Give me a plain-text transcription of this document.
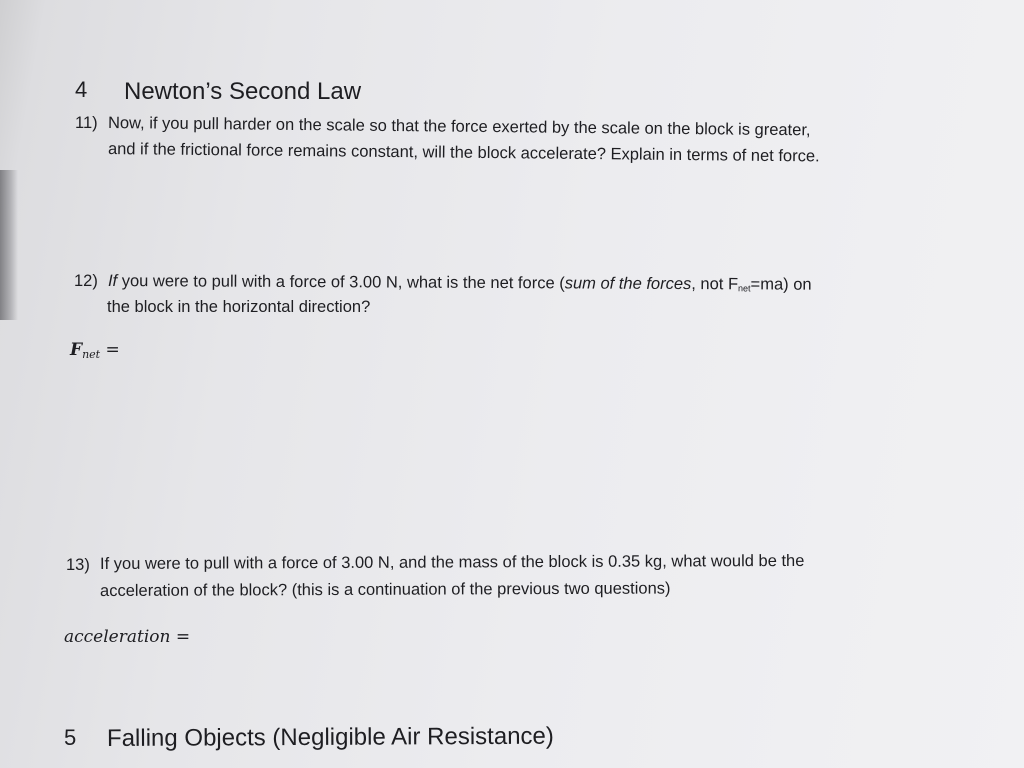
4 Newton’s Second Law
11) Now, if you pull harder on the scale so that the force exerted by the scale on the block is greater,
and if the frictional force remains constant, will the block accelerate? Explain in terms of net force.
12) If you were to pull with a force of 3.00 N, what is the net force (sum of the forces, not Fnet=ma) on
the block in the horizontal direction?
$F_{net}$ =
13) If you were to pull with a force of 3.00 N, and the mass of the block is 0.35 kg, what would be the
acceleration of the block? (this is a continuation of the previous two questions)
acceleration =
5 Falling Objects (Negligible Air Resistance)
